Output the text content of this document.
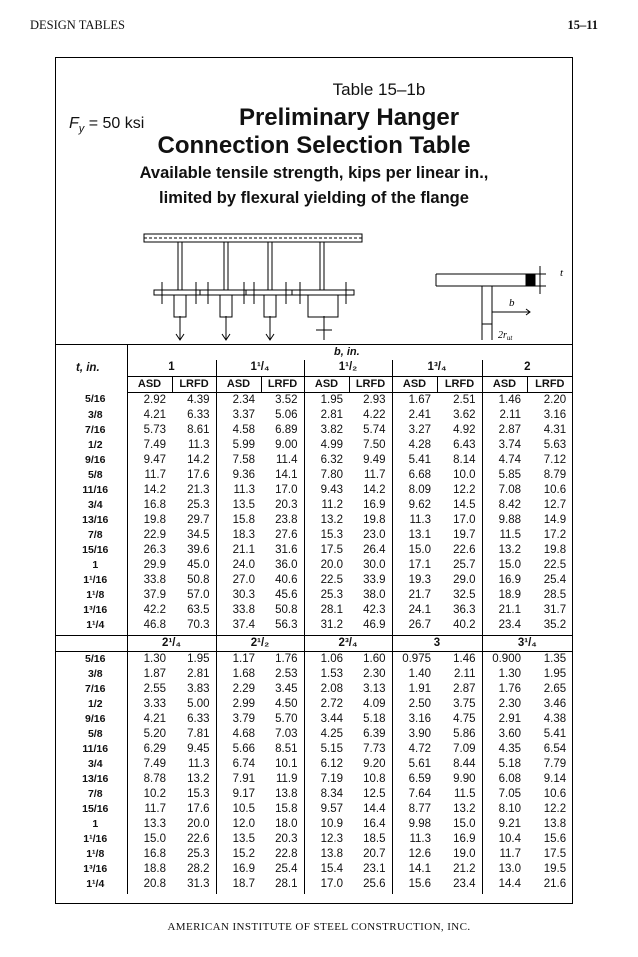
DESIGN TABLES	15–11
$F_y = 50$ ksi
Table 15–1b
Preliminary Hanger
Connection Selection Table
Available tensile strength, kips per linear in.,
limited by flexural yielding of the flange
t
b
$2r_{ut}$
	b, in.									
t, in.	1		1¹/₄		1¹/₂		1³/₄		2	
	ASD	LRFD	ASD	LRFD	ASD	LRFD	ASD	LRFD	ASD	LRFD
5/16	2.92	4.39	2.34	3.52	1.95	2.93	1.67	2.51	1.46	2.20
3/8	4.21	6.33	3.37	5.06	2.81	4.22	2.41	3.62	2.11	3.16
7/16	5.73	8.61	4.58	6.89	3.82	5.74	3.27	4.92	2.87	4.31
1/2	7.49	11.3	5.99	9.00	4.99	7.50	4.28	6.43	3.74	5.63
9/16	9.47	14.2	7.58	11.4	6.32	9.49	5.41	8.14	4.74	7.12
5/8	11.7	17.6	9.36	14.1	7.80	11.7	6.68	10.0	5.85	8.79
11/16	14.2	21.3	11.3	17.0	9.43	14.2	8.09	12.2	7.08	10.6
3/4	16.8	25.3	13.5	20.3	11.2	16.9	9.62	14.5	8.42	12.7
13/16	19.8	29.7	15.8	23.8	13.2	19.8	11.3	17.0	9.88	14.9
7/8	22.9	34.5	18.3	27.6	15.3	23.0	13.1	19.7	11.5	17.2
15/16	26.3	39.6	21.1	31.6	17.5	26.4	15.0	22.6	13.2	19.8
1	29.9	45.0	24.0	36.0	20.0	30.0	17.1	25.7	15.0	22.5
1¹/16	33.8	50.8	27.0	40.6	22.5	33.9	19.3	29.0	16.9	25.4
1¹/8	37.9	57.0	30.3	45.6	25.3	38.0	21.7	32.5	18.9	28.5
1³/16	42.2	63.5	33.8	50.8	28.1	42.3	24.1	36.3	21.1	31.7
1¹/4	46.8	70.3	37.4	56.3	31.2	46.9	26.7	40.2	23.4	35.2
	2¹/₄		2¹/₂		2³/₄		3		3¹/₄	
5/16	1.30	1.95	1.17	1.76	1.06	1.60	0.975	1.46	0.900	1.35
3/8	1.87	2.81	1.68	2.53	1.53	2.30	1.40	2.11	1.30	1.95
7/16	2.55	3.83	2.29	3.45	2.08	3.13	1.91	2.87	1.76	2.65
1/2	3.33	5.00	2.99	4.50	2.72	4.09	2.50	3.75	2.30	3.46
9/16	4.21	6.33	3.79	5.70	3.44	5.18	3.16	4.75	2.91	4.38
5/8	5.20	7.81	4.68	7.03	4.25	6.39	3.90	5.86	3.60	5.41
11/16	6.29	9.45	5.66	8.51	5.15	7.73	4.72	7.09	4.35	6.54
3/4	7.49	11.3	6.74	10.1	6.12	9.20	5.61	8.44	5.18	7.79
13/16	8.78	13.2	7.91	11.9	7.19	10.8	6.59	9.90	6.08	9.14
7/8	10.2	15.3	9.17	13.8	8.34	12.5	7.64	11.5	7.05	10.6
15/16	11.7	17.6	10.5	15.8	9.57	14.4	8.77	13.2	8.10	12.2
1	13.3	20.0	12.0	18.0	10.9	16.4	9.98	15.0	9.21	13.8
1¹/16	15.0	22.6	13.5	20.3	12.3	18.5	11.3	16.9	10.4	15.6
1¹/8	16.8	25.3	15.2	22.8	13.8	20.7	12.6	19.0	11.7	17.5
1³/16	18.8	28.2	16.9	25.4	15.4	23.1	14.1	21.2	13.0	19.5
1¹/4	20.8	31.3	18.7	28.1	17.0	25.6	15.6	23.4	14.4	21.6
AMERICAN INSTITUTE OF STEEL CONSTRUCTION, INC.
